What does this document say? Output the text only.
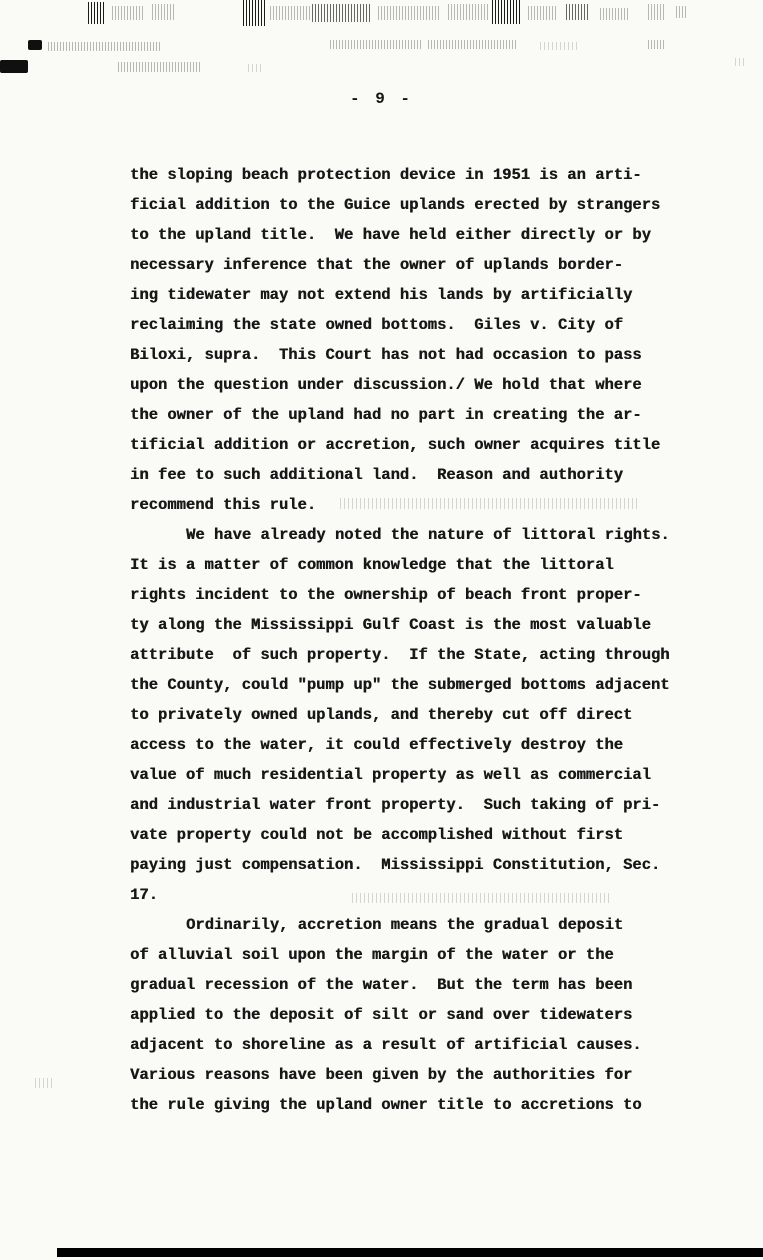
- 9 -
the sloping beach protection device in 1951 is an arti-
ficial addition to the Guice uplands erected by strangers
to the upland title.  We have held either directly or by
necessary inference that the owner of uplands border-
ing tidewater may not extend his lands by artificially
reclaiming the state owned bottoms.  Giles v. City of
Biloxi, supra.  This Court has not had occasion to pass
upon the question under discussion./ We hold that where
the owner of the upland had no part in creating the ar-
tificial addition or accretion, such owner acquires title
in fee to such additional land.  Reason and authority
recommend this rule.
We have already noted the nature of littoral rights.
It is a matter of common knowledge that the littoral
rights incident to the ownership of beach front proper-
ty along the Mississippi Gulf Coast is the most valuable
attribute  of such property.  If the State, acting through
the County, could "pump up" the submerged bottoms adjacent
to privately owned uplands, and thereby cut off direct
access to the water, it could effectively destroy the
value of much residential property as well as commercial
and industrial water front property.  Such taking of pri-
vate property could not be accomplished without first
paying just compensation.  Mississippi Constitution, Sec.
17.
Ordinarily, accretion means the gradual deposit
of alluvial soil upon the margin of the water or the
gradual recession of the water.  But the term has been
applied to the deposit of silt or sand over tidewaters
adjacent to shoreline as a result of artificial causes.
Various reasons have been given by the authorities for
the rule giving the upland owner title to accretions to
